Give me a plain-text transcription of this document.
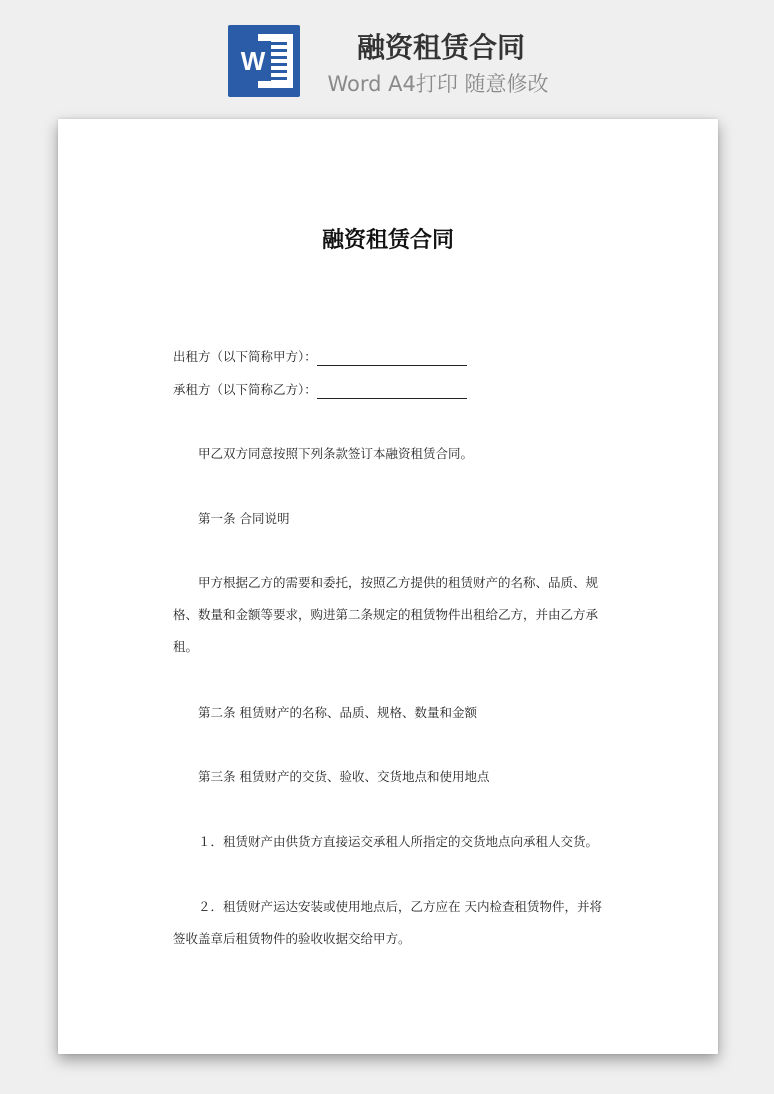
W	融资租赁合同
Word A4打印 随意修改

融资租赁合同
出租方（以下简称甲方）：
承租方（以下简称乙方）：
甲乙双方同意按照下列条款签订本融资租赁合同。
第一条 合同说明
甲方根据乙方的需要和委托，按照乙方提供的租赁财产的名称、品质、规格、数量和金额等要求，购进第二条规定的租赁物件出租给乙方，并由乙方承租。
第二条 租赁财产的名称、品质、规格、数量和金额
第三条 租赁财产的交货、验收、交货地点和使用地点
１．租赁财产由供货方直接运交承租人所指定的交货地点向承租人交货。
２．租赁财产运达安装或使用地点后，乙方应在 天内检查租赁物件，并将签收盖章后租赁物件的验收收据交给甲方。
